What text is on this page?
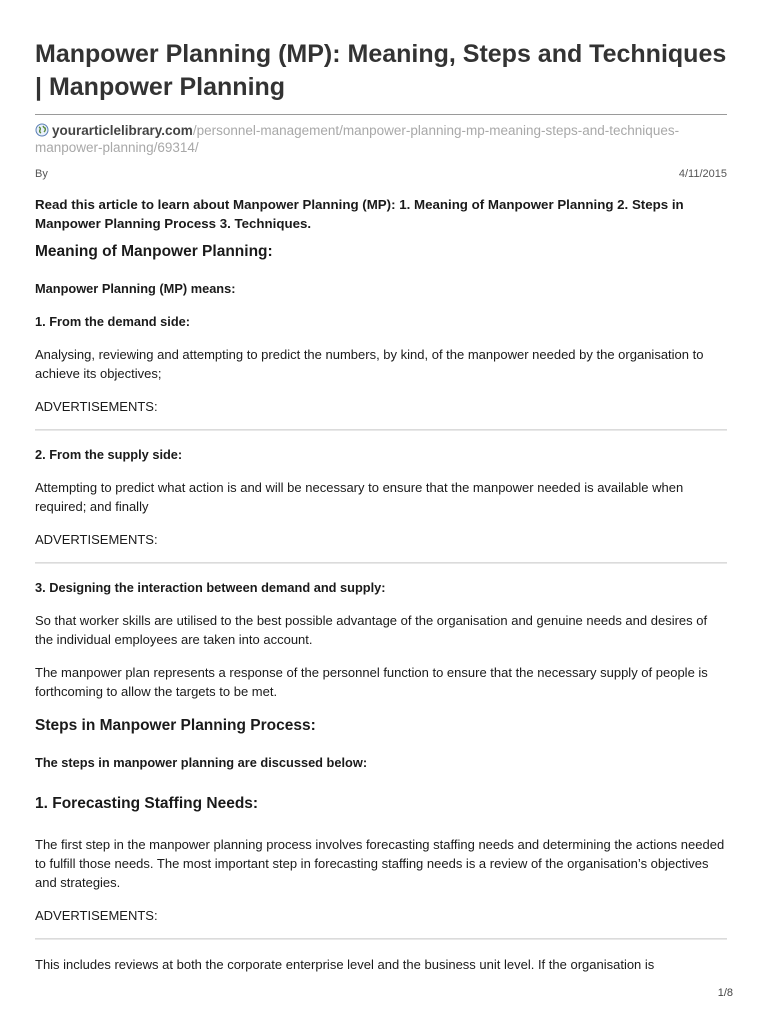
Manpower Planning (MP): Meaning, Steps and Techniques | Manpower Planning
yourarticlelibrary.com/personnel-management/manpower-planning-mp-meaning-steps-and-techniques-manpower-planning/69314/
By	4/11/2015

Read this article to learn about Manpower Planning (MP): 1. Meaning of Manpower Planning 2. Steps in Manpower Planning Process 3. Techniques.

Meaning of Manpower Planning:
Manpower Planning (MP) means:
1. From the demand side:

Analysing, reviewing and attempting to predict the numbers, by kind, of the manpower needed by the organisation to achieve its objectives;

ADVERTISEMENTS:

2. From the supply side:

Attempting to predict what action is and will be necessary to ensure that the manpower needed is available when required; and finally

ADVERTISEMENTS:

3. Designing the interaction between demand and supply:

So that worker skills are utilised to the best possible advantage of the organisation and genuine needs and desires of the individual employees are taken into account.

The manpower plan represents a response of the personnel function to ensure that the necessary supply of people is forthcoming to allow the targets to be met.

Steps in Manpower Planning Process:
The steps in manpower planning are discussed below:
1. Forecasting Staffing Needs:

The first step in the manpower planning process involves forecasting staffing needs and determining the actions needed to fulfill those needs. The most important step in forecasting staffing needs is a review of the organisation’s objectives and strategies.

ADVERTISEMENTS:

This includes reviews at both the corporate enterprise level and the business unit level. If the organisation is

1/8
